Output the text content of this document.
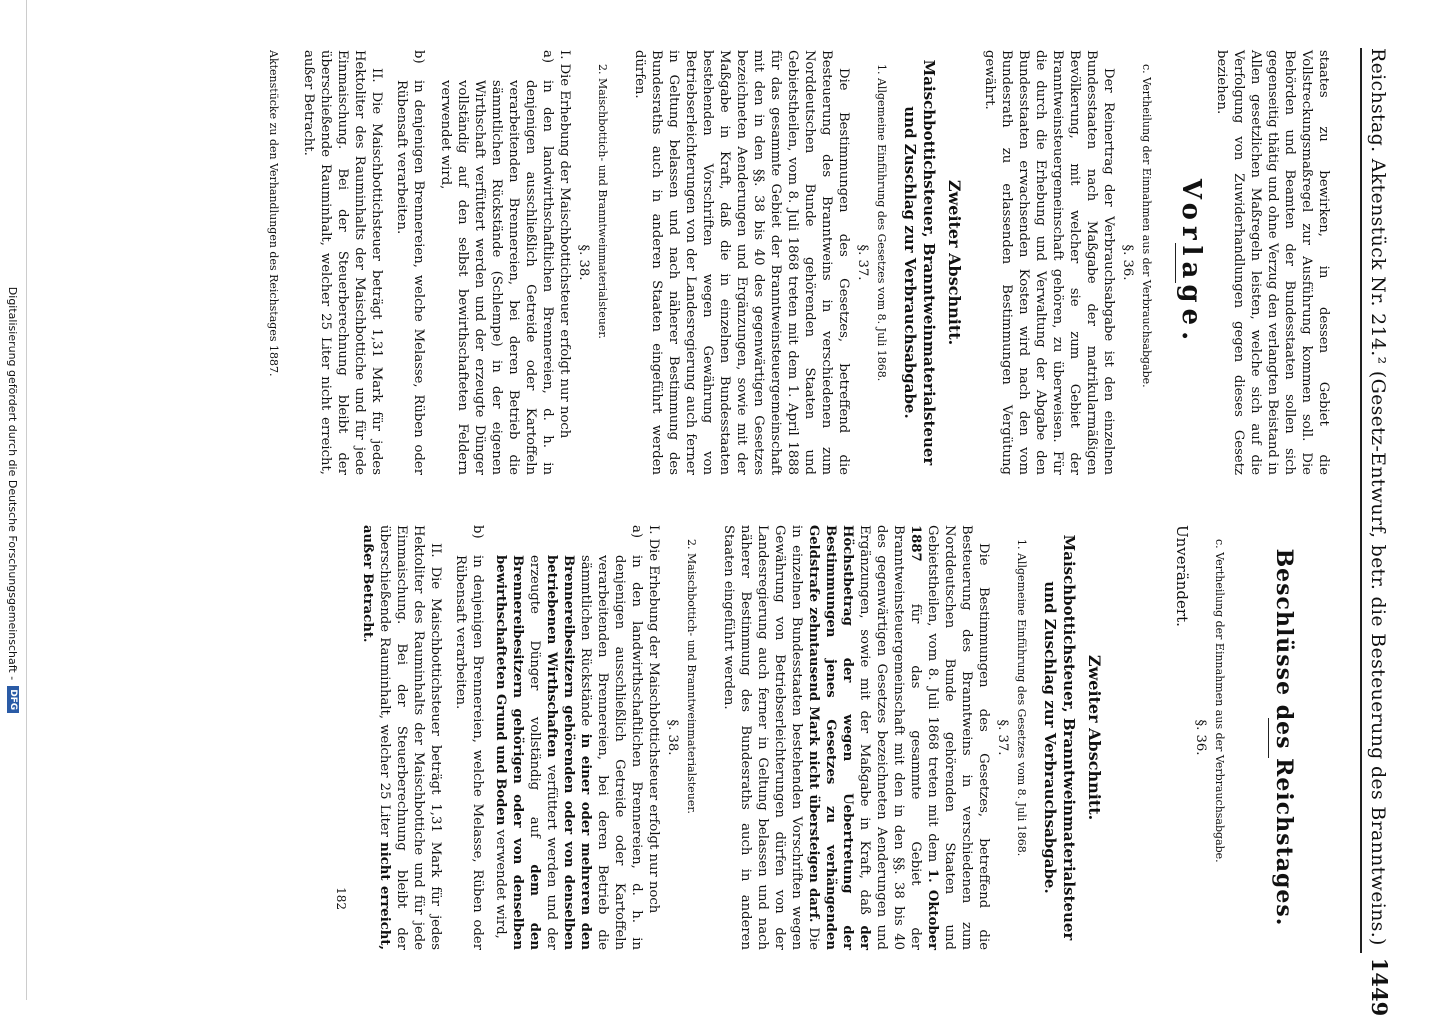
Reichstag. Aktenstück Nr. 214.² (Gesetz-Entwurf, betr. die Besteuerung des Branntweins.)
1449

staates zu bewirken, in dessen Gebiet die Vollstreckungsmaßregel zur Ausführung kommen soll. Die Behörden und Beamten der Bundesstaaten sollen sich gegenseitig thätig und ohne Verzug den verlangten Beistand in Allen gesetzlichen Maßregeln leisten, welche sich auf die Verfolgung von Zuwiderhandlungen gegen dieses Gesetz beziehen.

Vorlage.
c. Vertheilung der Einnahmen aus der Verbrauchsabgabe.
§. 36.

Der Reinertrag der Verbrauchsabgabe ist den einzelnen Bundesstaaten nach Maßgabe der matrikularmäßigen Bevölkerung, mit welcher sie zum Gebiet der Branntweinsteuergemeinschaft gehören, zu überweisen. Für die durch die Erhebung und Verwaltung der Abgabe den Bundesstaaten erwachsenden Kosten wird nach den vom Bundesrath zu erlassenden Bestimmungen Vergütung gewährt.

Zweiter Abschnitt.
Maischbottichsteuer, Branntweinmaterialsteuer und Zuschlag zur Verbrauchsabgabe.
1. Allgemeine Einführung des Gesetzes vom 8. Juli 1868.
§. 37.

Die Bestimmungen des Gesetzes, betreffend die Besteuerung des Branntweins in verschiedenen zum Norddeutschen Bunde gehörenden Staaten und Gebietstheilen, vom 8. Juli 1868 treten mit dem 1. April 1888 für das gesammte Gebiet der Branntweinsteuergemeinschaft mit den in den §§. 38 bis 40 des gegenwärtigen Gesetzes bezeichneten Aenderungen und Ergänzungen, sowie mit der Maßgabe in Kraft, daß die in einzelnen Bundesstaaten bestehenden Vorschriften wegen Gewährung von Betriebserleichterungen von der Landesregierung auch ferner in Geltung belassen und nach näherer Bestimmung des Bundesraths auch in anderen Staaten eingeführt werden dürfen.

2. Maischbottich- und Branntweinmaterialsteuer.
§. 38.

I. Die Erhebung der Maischbottichsteuer erfolgt nur noch

a)
in den landwirthschaftlichen Brennereien, d. h. in denjenigen ausschließlich Getreide oder Kartoffeln verarbeitenden Brennereien, bei deren Betrieb die sämmtlichen Rückstände (Schlempe) in der eigenen Wirthschaft verfüttert werden und der erzeugte Dünger vollständig auf den selbst bewirthschafteten Feldern verwendet wird,
b)
in denjenigen Brennereien, welche Melasse, Rüben oder Rübensaft verarbeiten.

II. Die Maischbottichsteuer beträgt 1,31 Mark für jedes Hektoliter des Rauminhalts der Maischbottiche und für jede Einmaischung. Bei der Steuerberechnung bleibt der überschießende Rauminhalt, welcher 25 Liter nicht erreicht, außer Betracht.

Aktenstücke zu den Verhandlungen des Reichstages 1887.
Beschlüsse des Reichstages.
c. Vertheilung der Einnahmen aus der Verbrauchsabgabe.
§. 36.

Unverändert.

Zweiter Abschnitt.
Maischbottichsteuer, Branntweinmaterialsteuer und Zuschlag zur Verbrauchsabgabe.
1. Allgemeine Einführung des Gesetzes vom 8. Juli 1868.
§. 37.

Die Bestimmungen des Gesetzes, betreffend die Besteuerung des Branntweins in verschiedenen zum Norddeutschen Bunde gehörenden Staaten und Gebietstheilen, vom 8. Juli 1868 treten mit dem 1. Oktober 1887 für das gesammte Gebiet der Branntweinsteuergemeinschaft mit den in den §§. 38 bis 40 des gegenwärtigen Gesetzes bezeichneten Aenderungen und Ergänzungen, sowie mit der Maßgabe in Kraft, daß der Höchstbetrag der wegen Uebertretung der Bestimmungen jenes Gesetzes zu verhängenden Geldstrafe zehntausend Mark nicht übersteigen darf. Die in einzelnen Bundesstaaten bestehenden Vorschriften wegen Gewährung von Betriebserleichterungen dürfen von der Landesregierung auch ferner in Geltung belassen und nach näherer Bestimmung des Bundesraths auch in anderen Staaten eingeführt werden.

2. Maischbottich- und Branntweinmaterialsteuer.
§. 38.

I. Die Erhebung der Maischbottichsteuer erfolgt nur noch

a)
in den landwirthschaftlichen Brennereien, d. h. in denjenigen ausschließlich Getreide oder Kartoffeln verarbeitenden Brennereien, bei deren Betrieb die sämmtlichen Rückstände in einer oder mehreren den Brennereibesitzern gehörenden oder von denselben betriebenen Wirthschaften verfüttert werden und der erzeugte Dünger vollständig auf dem den Brennereibesitzern gehörigen oder von denselben bewirthschafteten Grund und Boden verwendet wird,
b)
in denjenigen Brennereien, welche Melasse, Rüben oder Rübensaft verarbeiten.

II. Die Maischbottichsteuer beträgt 1,31 Mark für jedes Hektoliter des Rauminhalts der Maischbottiche und für jede Einmaischung. Bei der Steuerberechnung bleibt der überschießende Rauminhalt, welcher 25 Liter nicht erreicht, außer Betracht.

182
Digitalisierung gefördert durch die Deutsche Forschungsgemeinschaft -
DFG
